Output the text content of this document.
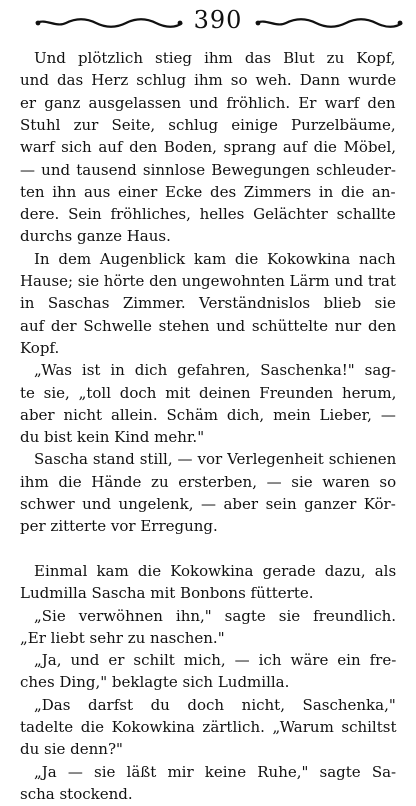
390
Und plötzlich stieg ihm das Blut zu Kopf,
und das Herz schlug ihm so weh. Dann wurde
er ganz ausgelassen und fröhlich. Er warf den
Stuhl zur Seite, schlug einige Purzelbäume,
warf sich auf den Boden, sprang auf die Möbel,
— und tausend sinnlose Bewegungen schleuder-
ten ihn aus einer Ecke des Zimmers in die an-
dere. Sein fröhliches, helles Gelächter schallte
durchs ganze Haus.
In dem Augenblick kam die Kokowkina nach
Hause; sie hörte den ungewohnten Lärm und trat
in Saschas Zimmer. Verständnislos blieb sie
auf der Schwelle stehen und schüttelte nur den
Kopf.
„Was ist in dich gefahren, Saschenka!" sag-
te sie, „toll doch mit deinen Freunden herum,
aber nicht allein. Schäm dich, mein Lieber, —
du bist kein Kind mehr."
Sascha stand still, — vor Verlegenheit schienen
ihm die Hände zu ersterben, — sie waren so
schwer und ungelenk, — aber sein ganzer Kör-
per zitterte vor Erregung.
Einmal kam die Kokowkina gerade dazu, als
Ludmilla Sascha mit Bonbons fütterte.
„Sie verwöhnen ihn," sagte sie freundlich.
„Er liebt sehr zu naschen."
„Ja, und er schilt mich, — ich wäre ein fre-
ches Ding," beklagte sich Ludmilla.
„Das darfst du doch nicht, Saschenka,"
tadelte die Kokowkina zärtlich. „Warum schiltst
du sie denn?"
„Ja — sie läßt mir keine Ruhe," sagte Sa-
scha stockend.
